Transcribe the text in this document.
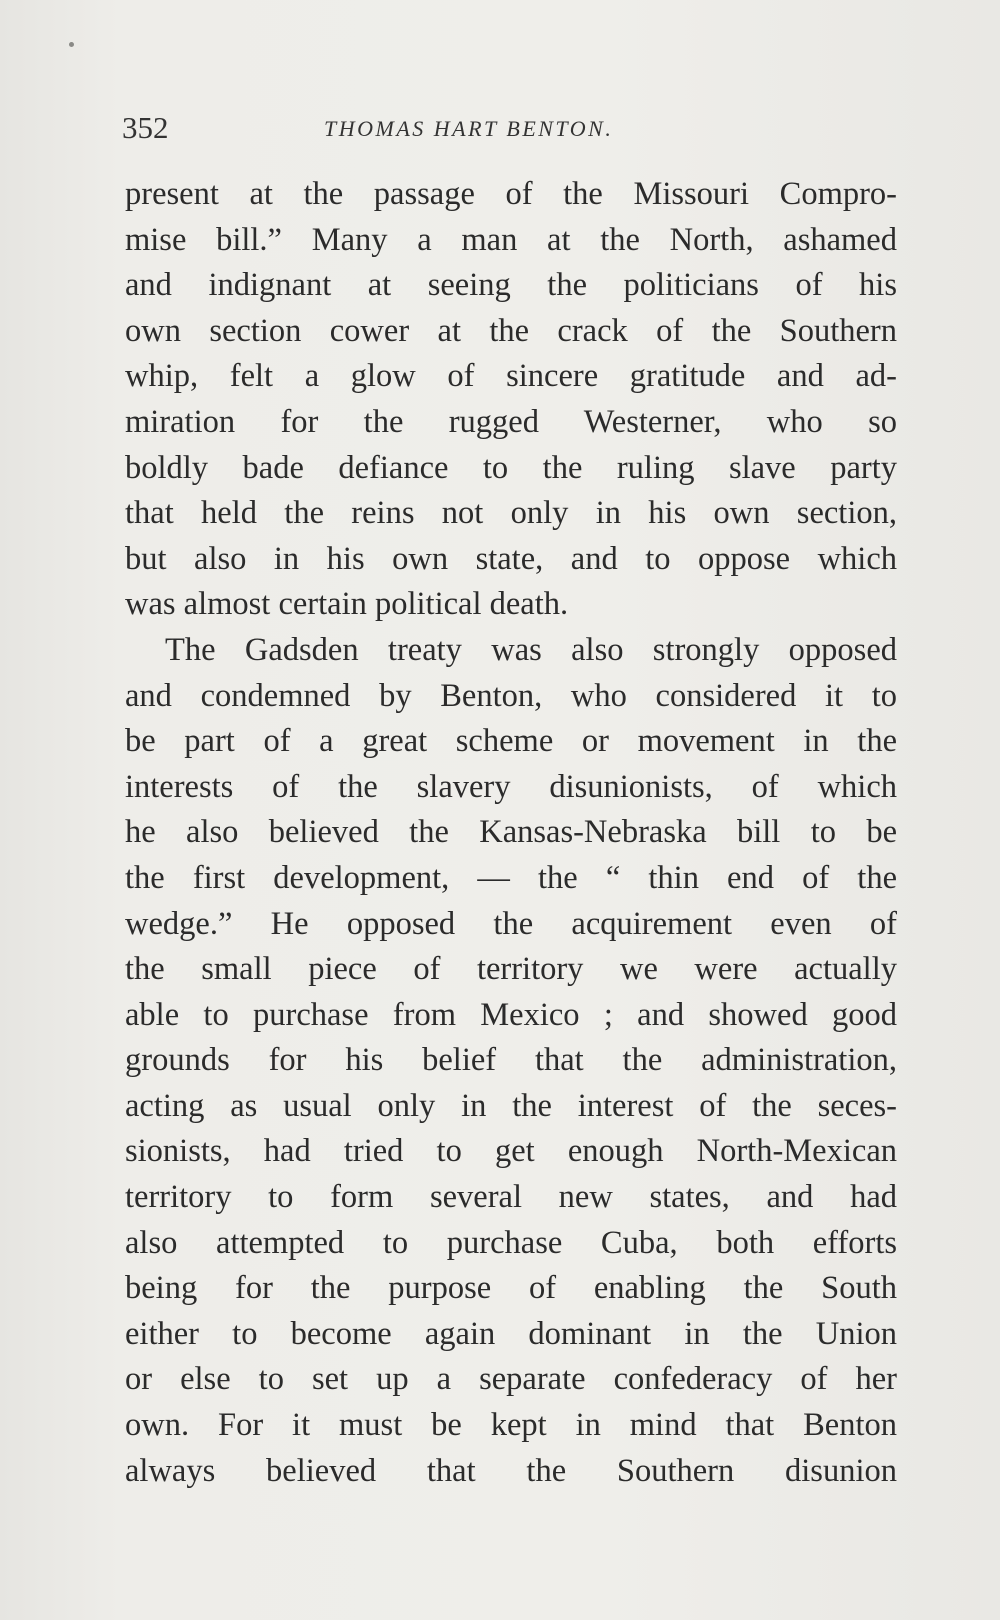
352	THOMAS HART BENTON.
present at the passage of the Missouri Compro-
mise bill.” Many a man at the North, ashamed
and indignant at seeing the politicians of his
own section cower at the crack of the Southern
whip, felt a glow of sincere gratitude and ad-
miration for the rugged Westerner, who so
boldly bade defiance to the ruling slave party
that held the reins not only in his own section,
but also in his own state, and to oppose which
was almost certain political death.
The Gadsden treaty was also strongly opposed
and condemned by Benton, who considered it to
be part of a great scheme or movement in the
interests of the slavery disunionists, of which
he also believed the Kansas-Nebraska bill to be
the first development, — the “ thin end of the
wedge.” He opposed the acquirement even of
the small piece of territory we were actually
able to purchase from Mexico ; and showed good
grounds for his belief that the administration,
acting as usual only in the interest of the seces-
sionists, had tried to get enough North-Mexican
territory to form several new states, and had
also attempted to purchase Cuba, both efforts
being for the purpose of enabling the South
either to become again dominant in the Union
or else to set up a separate confederacy of her
own. For it must be kept in mind that Benton
always believed that the Southern disunion
